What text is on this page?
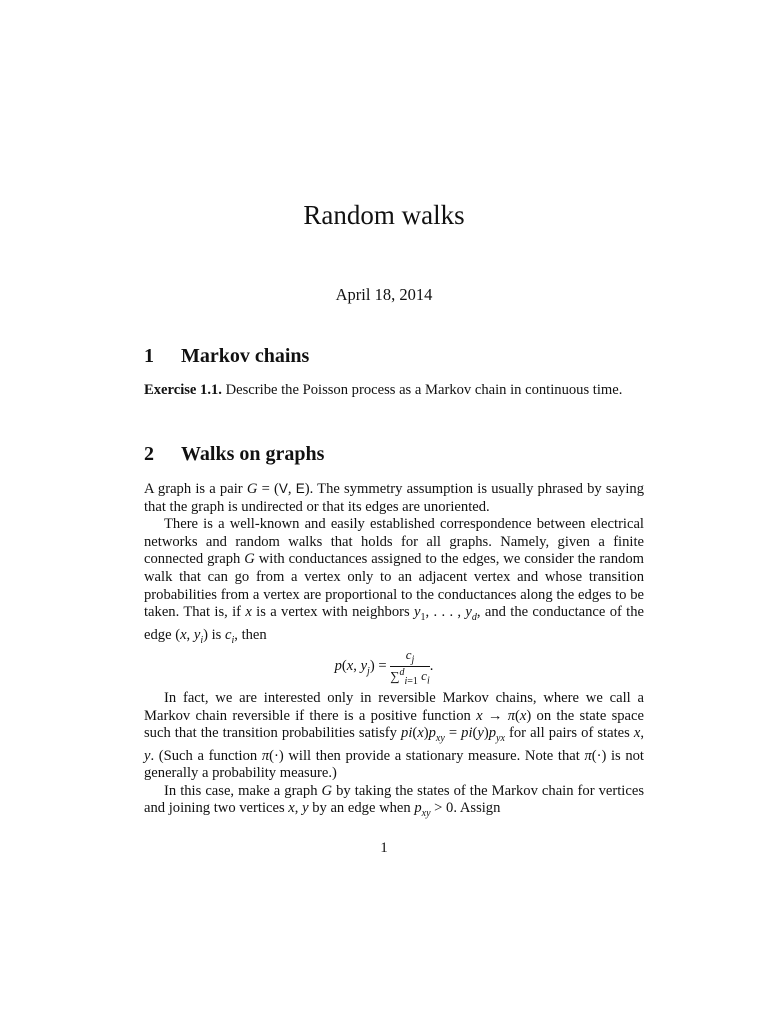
Random walks
April 18, 2014
1 Markov chains

Exercise 1.1. Describe the Poisson process as a Markov chain in continuous time.

2 Walks on graphs

A graph is a pair G = (V, E). The symmetry assumption is usually phrased by saying that the graph is undirected or that its edges are unoriented.

There is a well-known and easily established correspondence between electrical networks and random walks that holds for all graphs. Namely, given a finite connected graph G with conductances assigned to the edges, we consider the random walk that can go from a vertex only to an adjacent vertex and whose transition probabilities from a vertex are proportional to the conductances along the edges to be taken. That is, if x is a vertex with neighbors $y_1$, . . . , $y_d$, and the conductance of the edge (x, $y_i$) is $c_i$, then

p(x, $y_j) = \frac{c_j}{\sum^d_{i=1} c_i}$ .

In fact, we are interested only in reversible Markov chains, where we call a Markov chain reversible if there is a positive function x → π(x) on the state space such that the transition probabilities satisfy $pi(x)p_{xy} = pi(y)p_{yx}$ for all pairs of states x, y. (Such a function π(·) will then provide a stationary measure. Note that π(·) is not generally a probability measure.)

In this case, make a graph G by taking the states of the Markov chain for vertices and joining two vertices x, y by an edge when $p_{xy} > 0$. Assign

1
